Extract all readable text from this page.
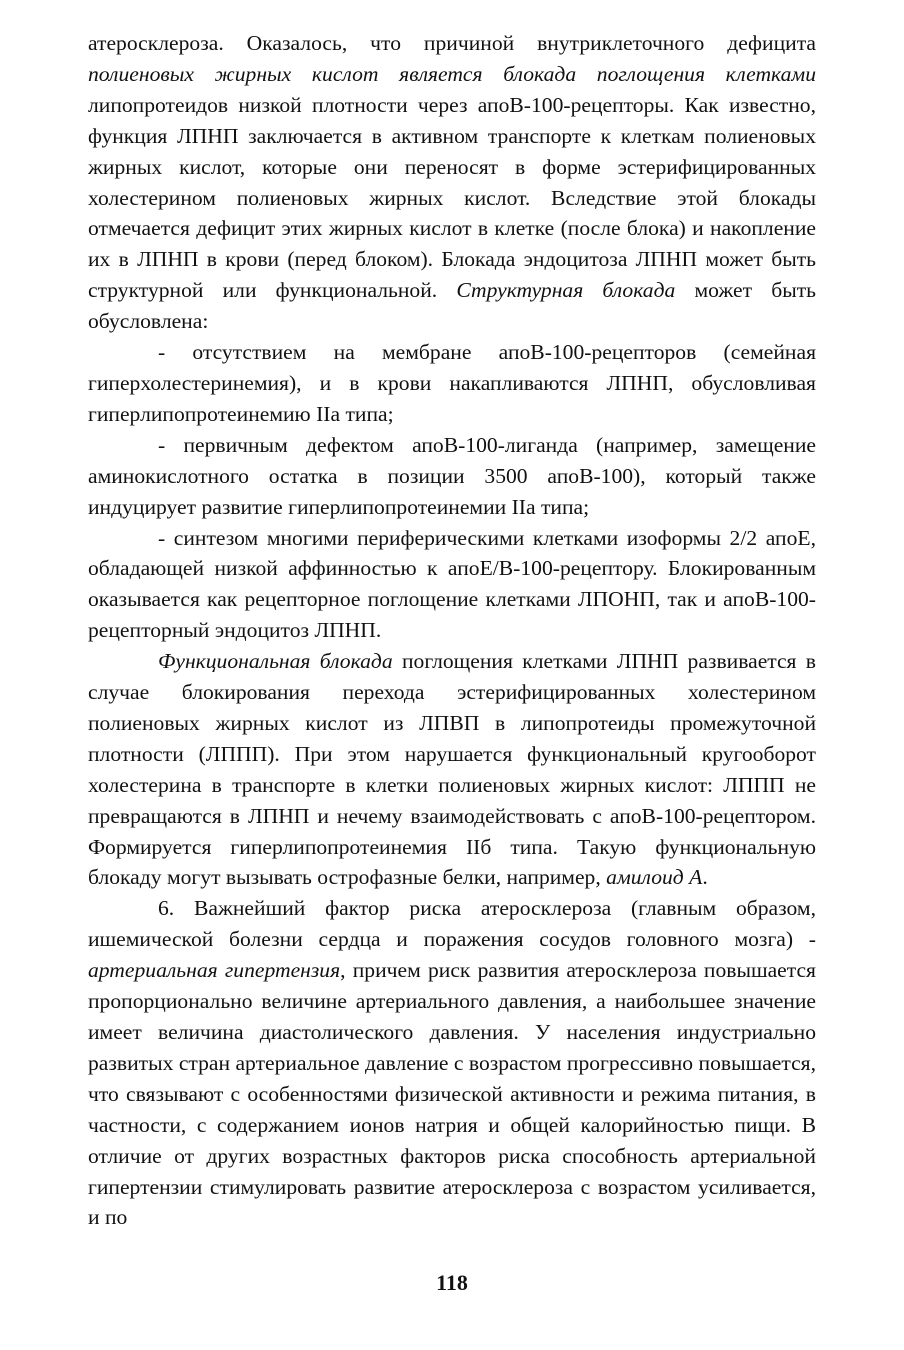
атеросклероза. Оказалось, что причиной внутриклеточного дефицита полиеновых жирных кислот является блокада поглощения клетками липопротеидов низкой плотности через апоВ-100-рецепторы. Как известно, функция ЛПНП заключается в активном транспорте к клеткам полиеновых жирных кислот, которые они переносят в форме эстерифицированных холестерином полиеновых жирных кислот. Вследствие этой блокады отмечается дефицит этих жирных кислот в клетке (после блока) и накопление их в ЛПНП в крови (перед блоком). Блокада эндоцитоза ЛПНП может быть структурной или функциональной. Структурная блокада может быть обусловлена:

- отсутствием на мембране апоВ-100-рецепторов (семейная гиперхолестеринемия), и в крови накапливаются ЛПНП, обусловливая гиперлипопротеинемию IIа типа;

- первичным дефектом апоВ-100-лиганда (например, замещение аминокислотного остатка в позиции 3500 апоВ-100), который также индуцирует развитие гиперлипопротеинемии IIа типа;

- синтезом многими периферическими клетками изоформы 2/2 апоЕ, обладающей низкой аффинностью к апоЕ/В-100-рецептору. Блокированным оказывается как рецепторное поглощение клетками ЛПОНП, так и апоВ-100-рецепторный эндоцитоз ЛПНП.

Функциональная блокада поглощения клетками ЛПНП развивается в случае блокирования перехода эстерифицированных холестерином полиеновых жирных кислот из ЛПВП в липопротеиды промежуточной плотности (ЛППП). При этом нарушается функциональный кругооборот холестерина в транспорте в клетки полиеновых жирных кислот: ЛППП не превращаются в ЛПНП и нечему взаимодействовать с апоВ-100-рецептором. Формируется гиперлипопротеинемия IIб типа. Такую функциональную блокаду могут вызывать острофазные белки, например, амилоид А.

6. Важнейший фактор риска атеросклероза (главным образом, ишемической болезни сердца и поражения сосудов головного мозга) - артериальная гипертензия, причем риск развития атеросклероза повышается пропорционально величине артериального давления, а наибольшее значение имеет величина диастолического давления. У населения индустриально развитых стран артериальное давление с возрастом прогрессивно повышается, что связывают с особенностями физической активности и режима питания, в частности, с содержанием ионов натрия и общей калорийностью пищи. В отличие от других возрастных факторов риска способность артериальной гипертензии стимулировать развитие атеросклероза с возрастом усиливается, и по

118
